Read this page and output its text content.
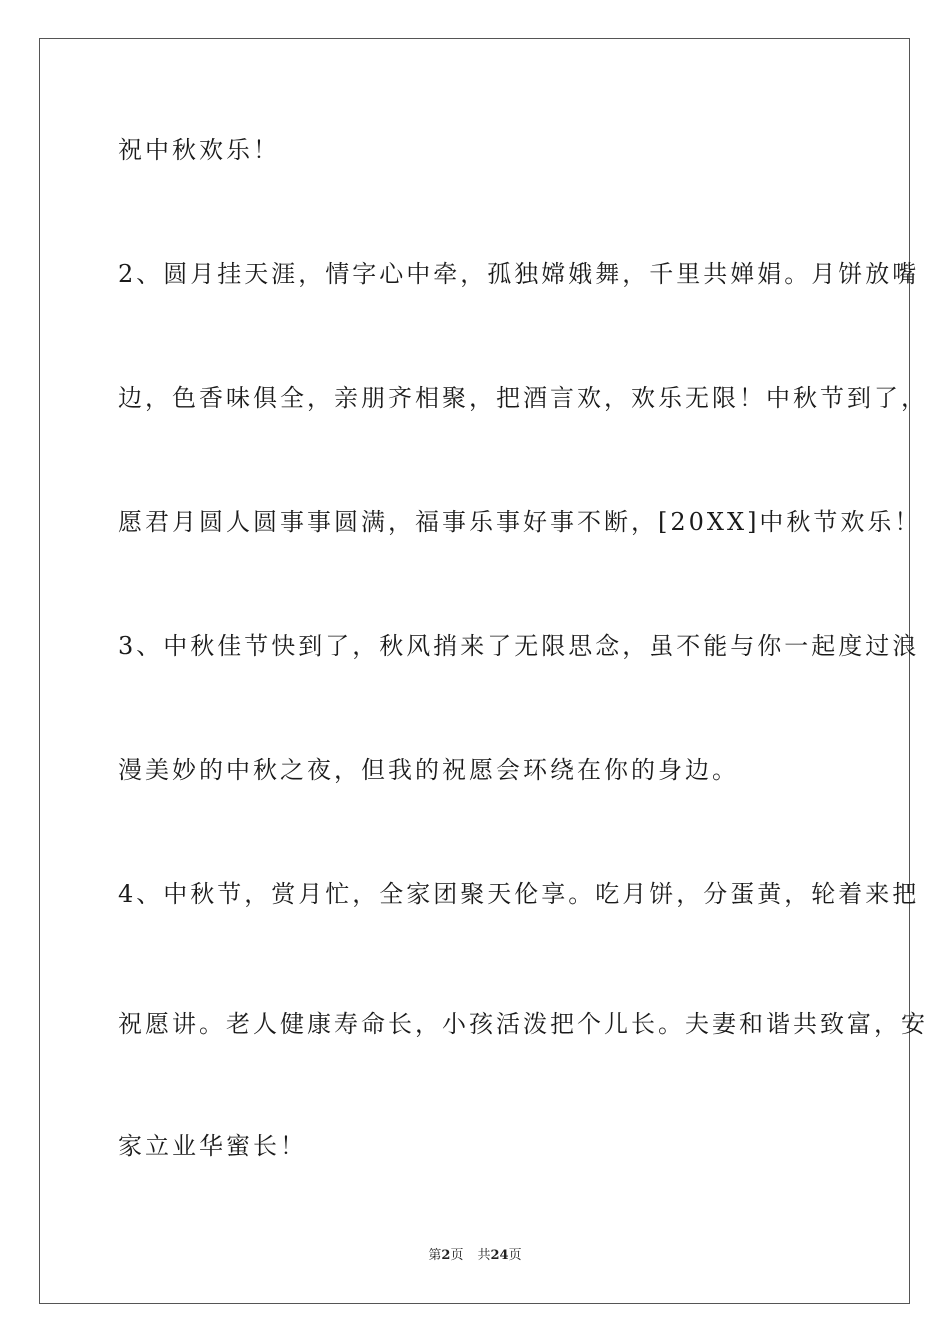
祝中秋欢乐！
2、圆月挂天涯，情字心中牵，孤独嫦娥舞，千里共婵娟。月饼放嘴
边，色香味俱全，亲朋齐相聚，把酒言欢，欢乐无限！中秋节到了，
愿君月圆人圆事事圆满，福事乐事好事不断，[20XX]中秋节欢乐！
3、中秋佳节快到了，秋风捎来了无限思念，虽不能与你一起度过浪
漫美妙的中秋之夜，但我的祝愿会环绕在你的身边。
4、中秋节，赏月忙，全家团聚天伦享。吃月饼，分蛋黄，轮着来把
祝愿讲。老人健康寿命长，小孩活泼把个儿长。夫妻和谐共致富，安
家立业华蜜长！
第2页 共24页
